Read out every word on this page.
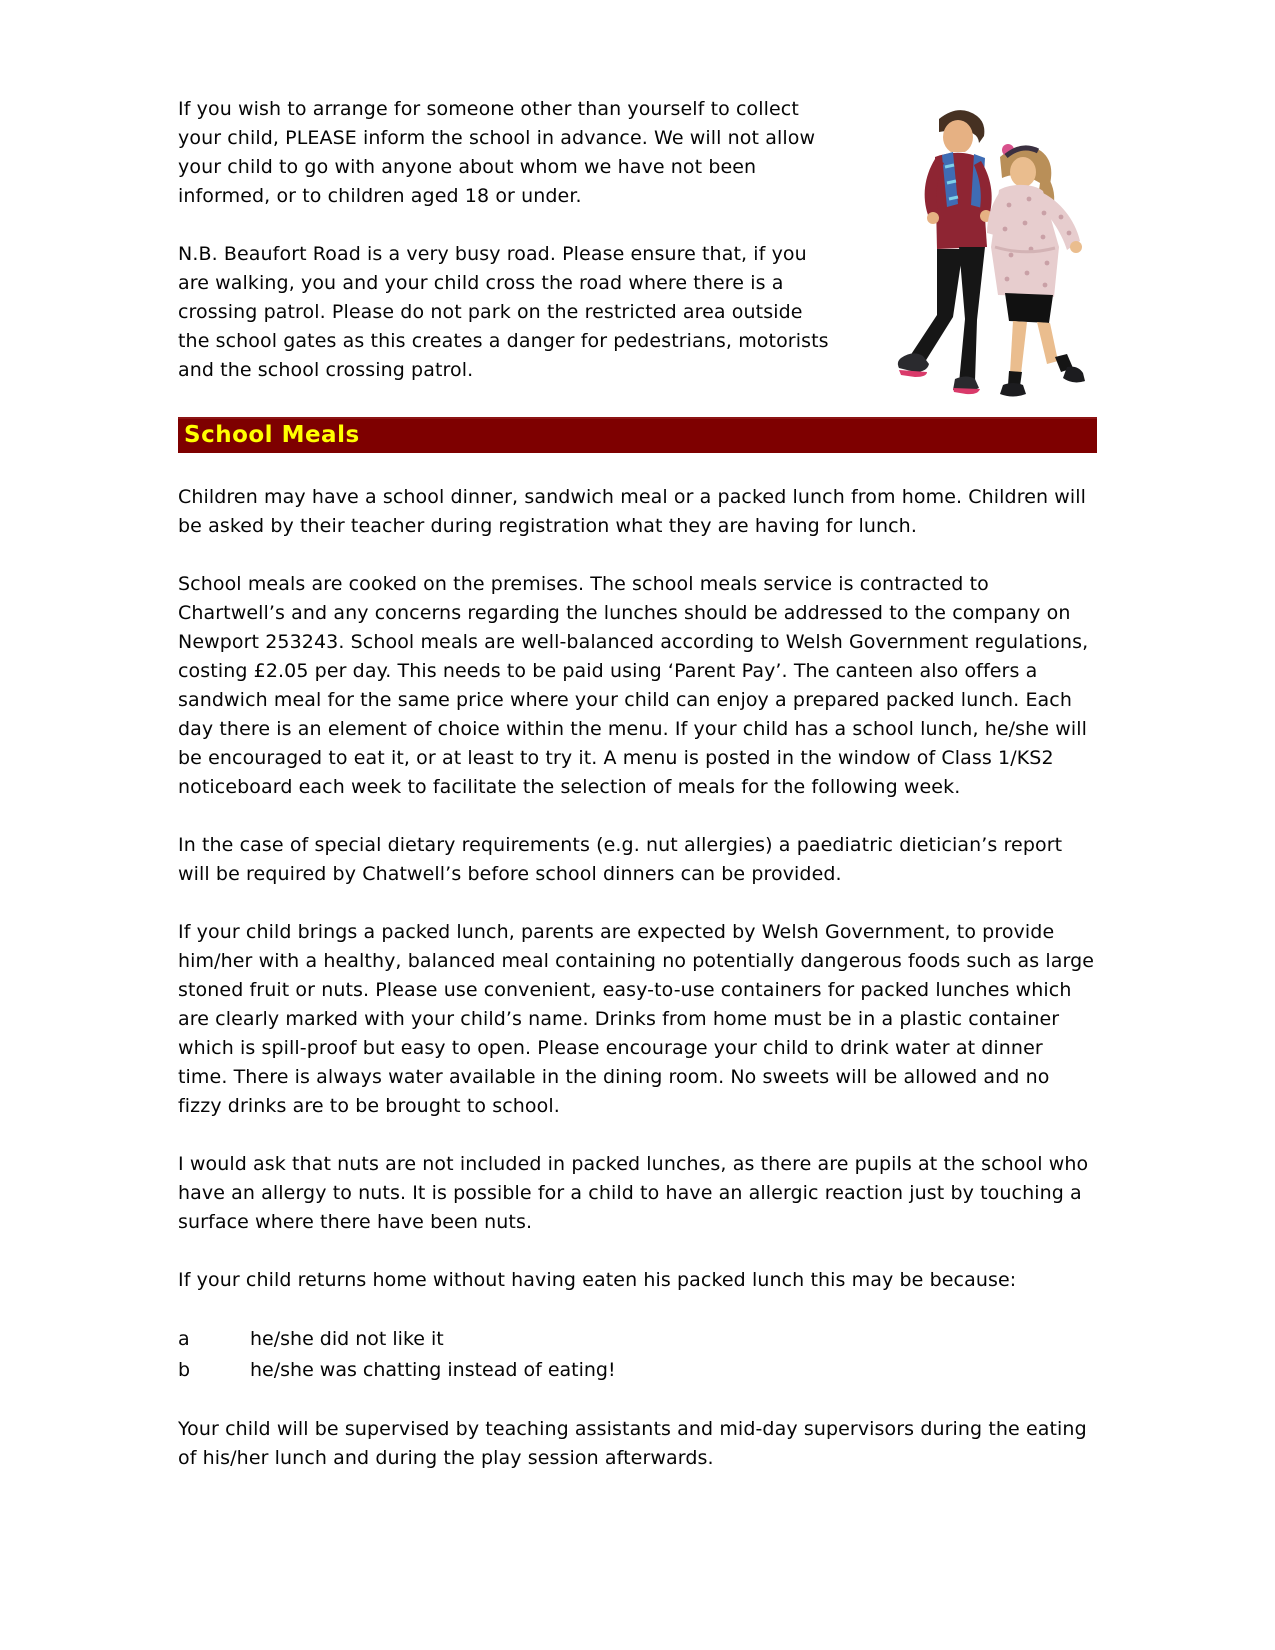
If you wish to arrange for someone other than yourself to collect your child, PLEASE inform the school in advance. We will not allow your child to go with anyone about whom we have not been informed, or to children aged 18 or under.

N.B. Beaufort Road is a very busy road. Please ensure that, if you are walking, you and your child cross the road where there is a crossing patrol. Please do not park on the restricted area outside the school gates as this creates a danger for pedestrians, motorists and the school crossing patrol.

School Meals

Children may have a school dinner, sandwich meal or a packed lunch from home. Children will be asked by their teacher during registration what they are having for lunch.

School meals are cooked on the premises. The school meals service is contracted to Chartwell’s and any concerns regarding the lunches should be addressed to the company on Newport 253243. School meals are well-balanced according to Welsh Government regulations, costing £2.05 per day. This needs to be paid using ‘Parent Pay’. The canteen also offers a sandwich meal for the same price where your child can enjoy a prepared packed lunch. Each day there is an element of choice within the menu. If your child has a school lunch, he/she will be encouraged to eat it, or at least to try it. A menu is posted in the window of Class 1/KS2 noticeboard each week to facilitate the selection of meals for the following week.

In the case of special dietary requirements (e.g. nut allergies) a paediatric dietician’s report will be required by Chatwell’s before school dinners can be provided.

If your child brings a packed lunch, parents are expected by Welsh Government, to provide him/her with a healthy, balanced meal containing no potentially dangerous foods such as large stoned fruit or nuts. Please use convenient, easy-to-use containers for packed lunches which are clearly marked with your child’s name. Drinks from home must be in a plastic container which is spill-proof but easy to open. Please encourage your child to drink water at dinner time. There is always water available in the dining room. No sweets will be allowed and no fizzy drinks are to be brought to school.

I would ask that nuts are not included in packed lunches, as there are pupils at the school who have an allergy to nuts. It is possible for a child to have an allergic reaction just by touching a surface where there have been nuts.

If your child returns home without having eaten his packed lunch this may be because:

a	he/she did not like it
b	he/she was chatting instead of eating!

Your child will be supervised by teaching assistants and mid-day supervisors during the eating of his/her lunch and during the play session afterwards.
